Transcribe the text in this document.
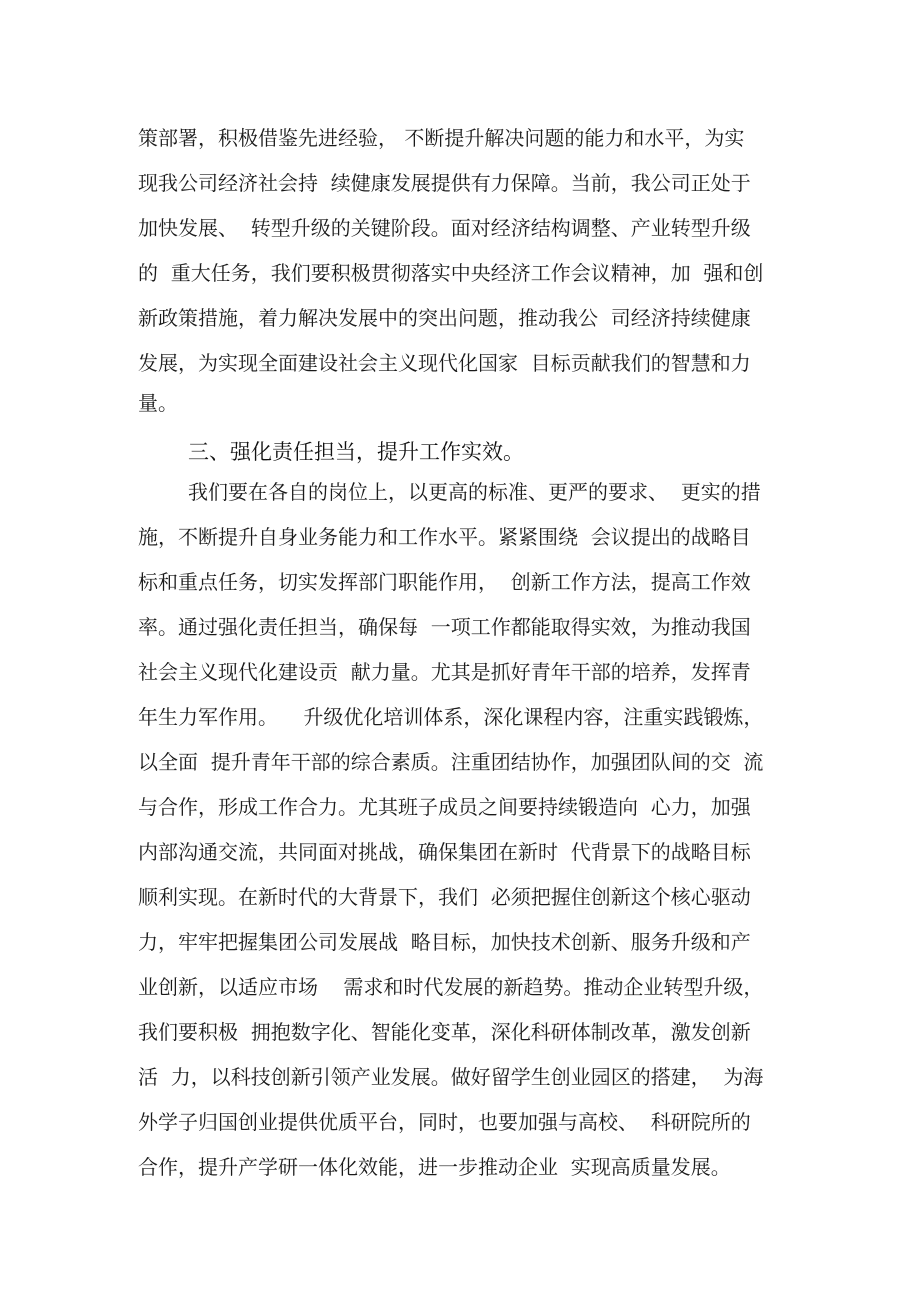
策部署，积极借鉴先进经验， 不断提升解决问题的能力和水平，为实
现我公司经济社会持  续健康发展提供有力保障。当前，我公司正处于
加快发展、  转型升级的关键阶段。面对经济结构调整、产业转型升级
的  重大任务，我们要积极贯彻落实中央经济工作会议精神，加  强和创
新政策措施，着力解决发展中的突出问题，推动我公  司经济持续健康
发展，为实现全面建设社会主义现代化国家  目标贡献我们的智慧和力
量。
三、强化责任担当，提升工作实效。
我们要在各自的岗位上，以更高的标准、更严的要求、  更实的措
施，不断提升自身业务能力和工作水平。紧紧围绕  会议提出的战略目
标和重点任务，切实发挥部门职能作用，  创新工作方法，提高工作效
率。通过强化责任担当，确保每  一项工作都能取得实效，为推动我国
社会主义现代化建设贡  献力量。尤其是抓好青年干部的培养，发挥青
年生力军作用。    升级优化培训体系，深化课程内容，注重实践锻炼，
以全面  提升青年干部的综合素质。注重团结协作，加强团队间的交  流
与合作，形成工作合力。尤其班子成员之间要持续锻造向  心力，加强
内部沟通交流，共同面对挑战，确保集团在新时  代背景下的战略目标
顺利实现。在新时代的大背景下，我们  必须把握住创新这个核心驱动
力，牢牢把握集团公司发展战  略目标，加快技术创新、服务升级和产
业创新，以适应市场    需求和时代发展的新趋势。推动企业转型升级，
我们要积极  拥抱数字化、智能化变革，深化科研体制改革，激发创新
活  力，以科技创新引领产业发展。做好留学生创业园区的搭建，  为海
外学子归国创业提供优质平台，同时，也要加强与高校、  科研院所的
合作，提升产学研一体化效能，进一步推动企业  实现高质量发展。
